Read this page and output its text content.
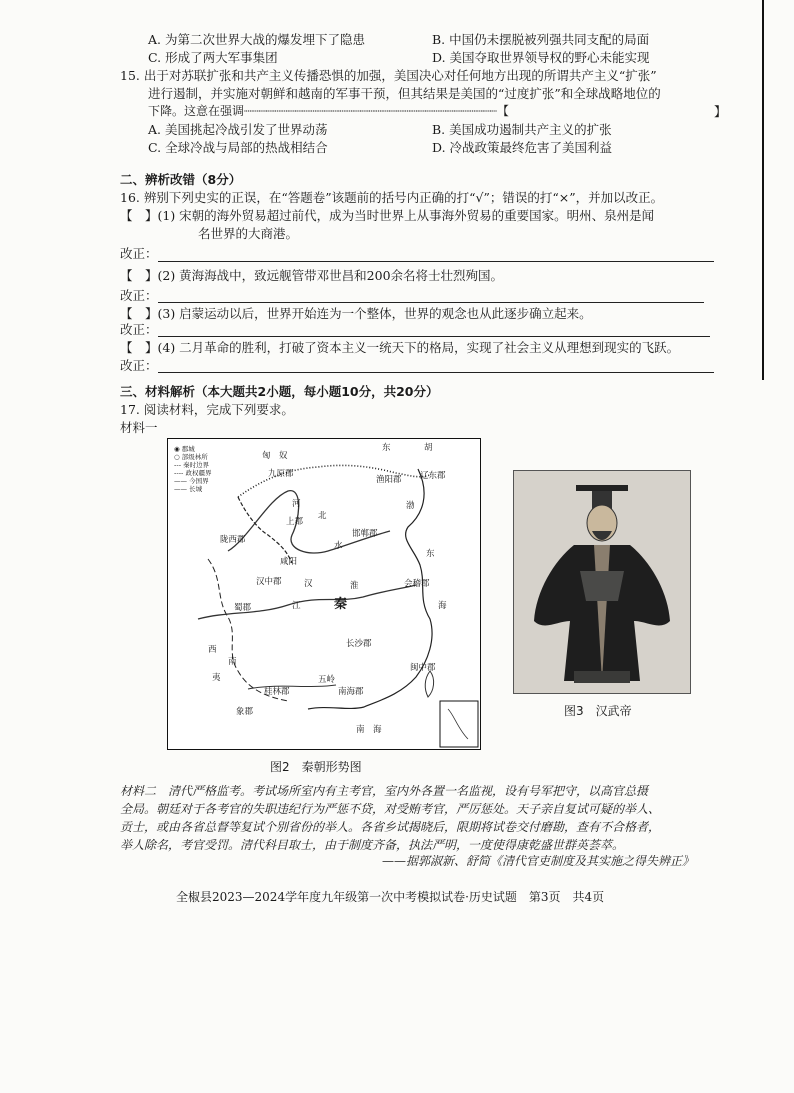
A. 为第二次世界大战的爆发埋下了隐患	B. 中国仍未摆脱被列强共同支配的局面
C. 形成了两大军事集团	D. 美国夺取世界领导权的野心未能实现
15. 出于对苏联扩张和共产主义传播恐惧的加强，美国决心对任何地方出现的所谓共产主义“扩张”
进行遏制，并实施对朝鲜和越南的军事干预，但其结果是美国的“过度扩张”和全球战略地位的
下降。这意在强调┈┈┈┈┈┈┈┈┈┈┈┈┈┈┈┈┈┈┈┈┈┈┈┈┈┈┈┈┈┈┈┈┈┈┈【	】
A. 美国挑起冷战引发了世界动荡	B. 美国成功遏制共产主义的扩张
C. 全球冷战与局部的热战相结合	D. 冷战政策最终危害了美国利益
二、辨析改错（8分）
16. 辨别下列史实的正误，在“答题卷”该题前的括号内正确的打“√”；错误的打“×”，并加以改正。
【　】(1) 宋朝的海外贸易超过前代，成为当时世界上从事海外贸易的重要国家。明州、泉州是闻
名世界的大商港。
改正：
【　】(2) 黄海海战中，致远舰管带邓世昌和200余名将士壮烈殉国。
改正：
【　】(3) 启蒙运动以后，世界开始连为一个整体，世界的观念也从此逐步确立起来。
改正：
【　】(4) 二月革命的胜利，打破了资本主义一统天下的格局，实现了社会主义从理想到现实的飞跃。
改正：
三、材料解析（本大题共2小题，每小题10分，共20分）
17. 阅读材料，完成下列要求。
材料一
◉ 郡城
○ 部级林所
--- 秦时边界
---- 政权疆界
—— 今国界
—— 长城
东	胡
匈　奴
九原郡
渔阳郡 辽东郡
渤
河
上郡
北
陇西郡
水
邯郸郡
咸阳
汉中郡	汉	淮
秦
会稽郡
东
海
江
蜀郡
长沙郡
西
南
夷
桂林郡	南海郡
五岭
闽中郡
象郡
南　海
图2　秦朝形势图
图3　汉武帝
材料二　清代严格监考。考试场所室内有主考官，室内外各置一名监视，设有号军把守，以高官总摄
全局。朝廷对于各考官的失职违纪行为严惩不贷，对受贿考官，严厉惩处。天子亲自复试可疑的举人、
贡士，或由各省总督等复试个别省份的举人。各省乡试揭晓后，限期将试卷交付磨勘，查有不合格者，
举人除名，考官受罚。清代科目取士，由于制度齐备，执法严明，一度使得康乾盛世群英荟萃。
——据郭淑新、舒简《清代官吏制度及其实施之得失辨正》
全椒县2023—2024学年度九年级第一次中考模拟试卷·历史试题　第3页　共4页
